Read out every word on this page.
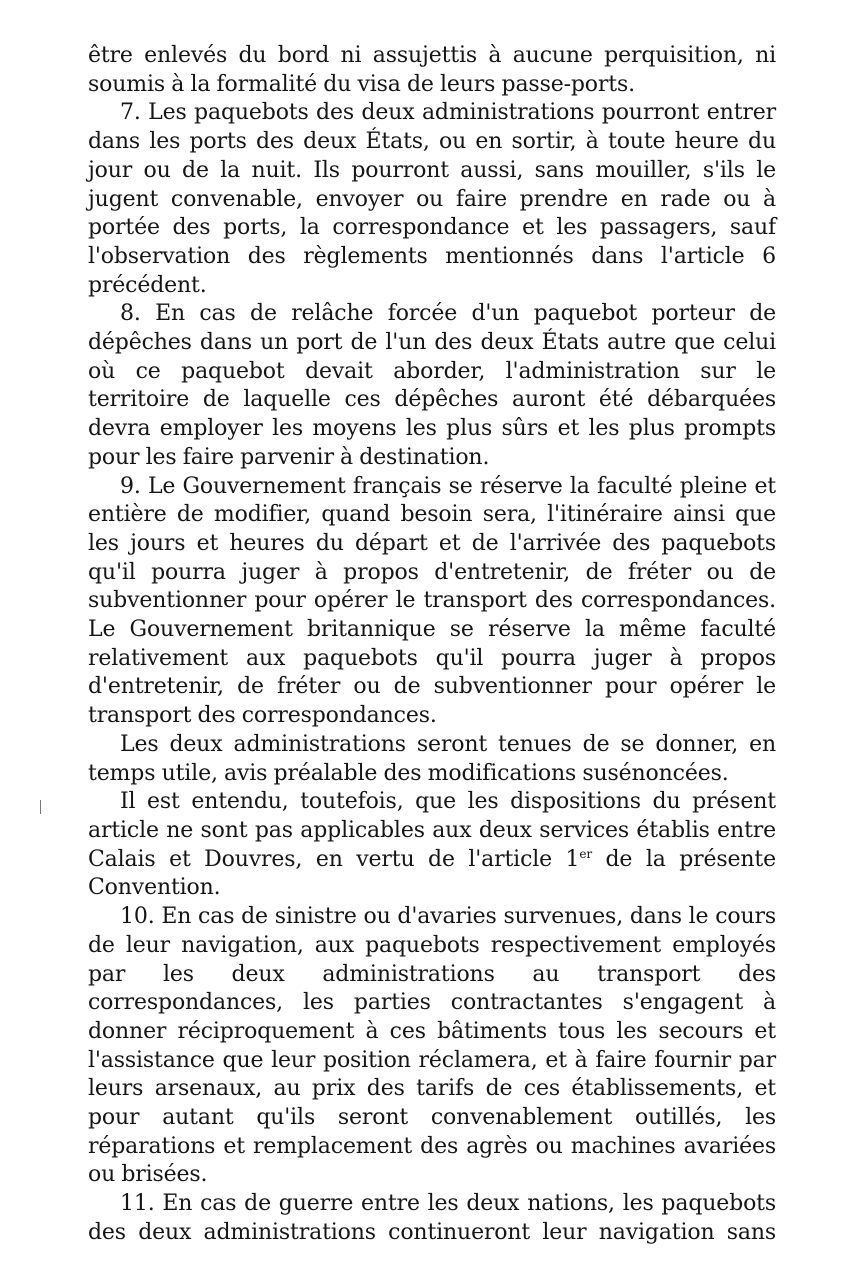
être enlevés du bord ni assujettis à aucune perquisition, ni soumis à la formalité du visa de leurs passe-ports.

7. Les paquebots des deux administrations pourront entrer dans les ports des deux États, ou en sortir, à toute heure du jour ou de la nuit. Ils pourront aussi, sans mouiller, s'ils le jugent convenable, envoyer ou faire prendre en rade ou à portée des ports, la correspondance et les passagers, sauf l'observation des règlements mentionnés dans l'article 6 précédent.

8. En cas de relâche forcée d'un paquebot porteur de dépêches dans un port de l'un des deux États autre que celui où ce paquebot devait aborder, l'administration sur le territoire de laquelle ces dépêches auront été débarquées devra employer les moyens les plus sûrs et les plus prompts pour les faire parvenir à destination.

9. Le Gouvernement français se réserve la faculté pleine et entière de modifier, quand besoin sera, l'itinéraire ainsi que les jours et heures du départ et de l'arrivée des paquebots qu'il pourra juger à propos d'entretenir, de fréter ou de subventionner pour opérer le transport des correspondances. Le Gouvernement britannique se réserve la même faculté relativement aux paquebots qu'il pourra juger à propos d'entretenir, de fréter ou de subventionner pour opérer le transport des correspondances.

Les deux administrations seront tenues de se donner, en temps utile, avis préalable des modifications susénoncées.

Il est entendu, toutefois, que les dispositions du présent article ne sont pas applicables aux deux services établis entre Calais et Douvres, en vertu de l'article 1er de la présente Convention.

10. En cas de sinistre ou d'avaries survenues, dans le cours de leur navigation, aux paquebots respectivement employés par les deux administrations au transport des correspondances, les parties contractantes s'engagent à donner réciproquement à ces bâtiments tous les secours et l'assistance que leur position réclamera, et à faire fournir par leurs arsenaux, au prix des tarifs de ces établissements, et pour autant qu'ils seront convenablement outillés, les réparations et remplacement des agrès ou machines avariées ou brisées.

11. En cas de guerre entre les deux nations, les paquebots des deux administrations continueront leur navigation sans
